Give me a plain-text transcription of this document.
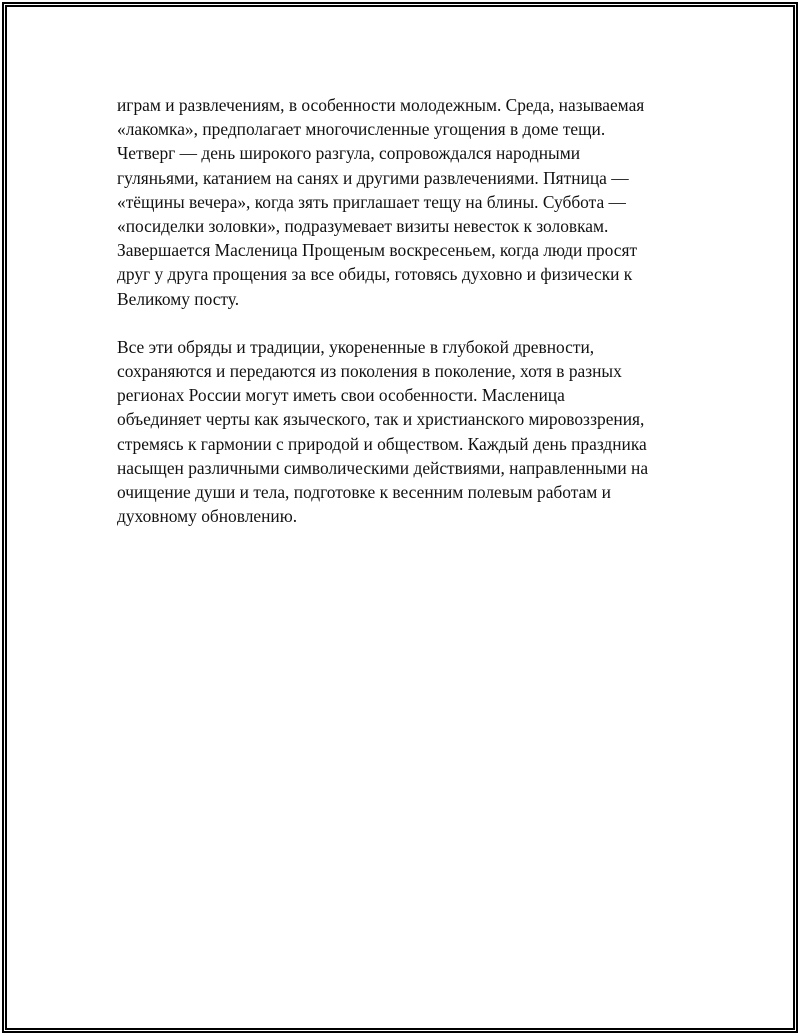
играм и развлечениям, в особенности молодежным. Среда, называемая
«лакомка», предполагает многочисленные угощения в доме тещи.
Четверг — день широкого разгула, сопровождался народными
гуляньями, катанием на санях и другими развлечениями. Пятница —
«тёщины вечера», когда зять приглашает тещу на блины. Суббота —
«посиделки золовки», подразумевает визиты невесток к золовкам.
Завершается Масленица Прощеным воскресеньем, когда люди просят
друг у друга прощения за все обиды, готовясь духовно и физически к
Великому посту.

Все эти обряды и традиции, укорененные в глубокой древности,
сохраняются и передаются из поколения в поколение, хотя в разных
регионах России могут иметь свои особенности. Масленица
объединяет черты как языческого, так и христианского мировоззрения,
стремясь к гармонии с природой и обществом. Каждый день праздника
насыщен различными символическими действиями, направленными на
очищение души и тела, подготовке к весенним полевым работам и
духовному обновлению.
